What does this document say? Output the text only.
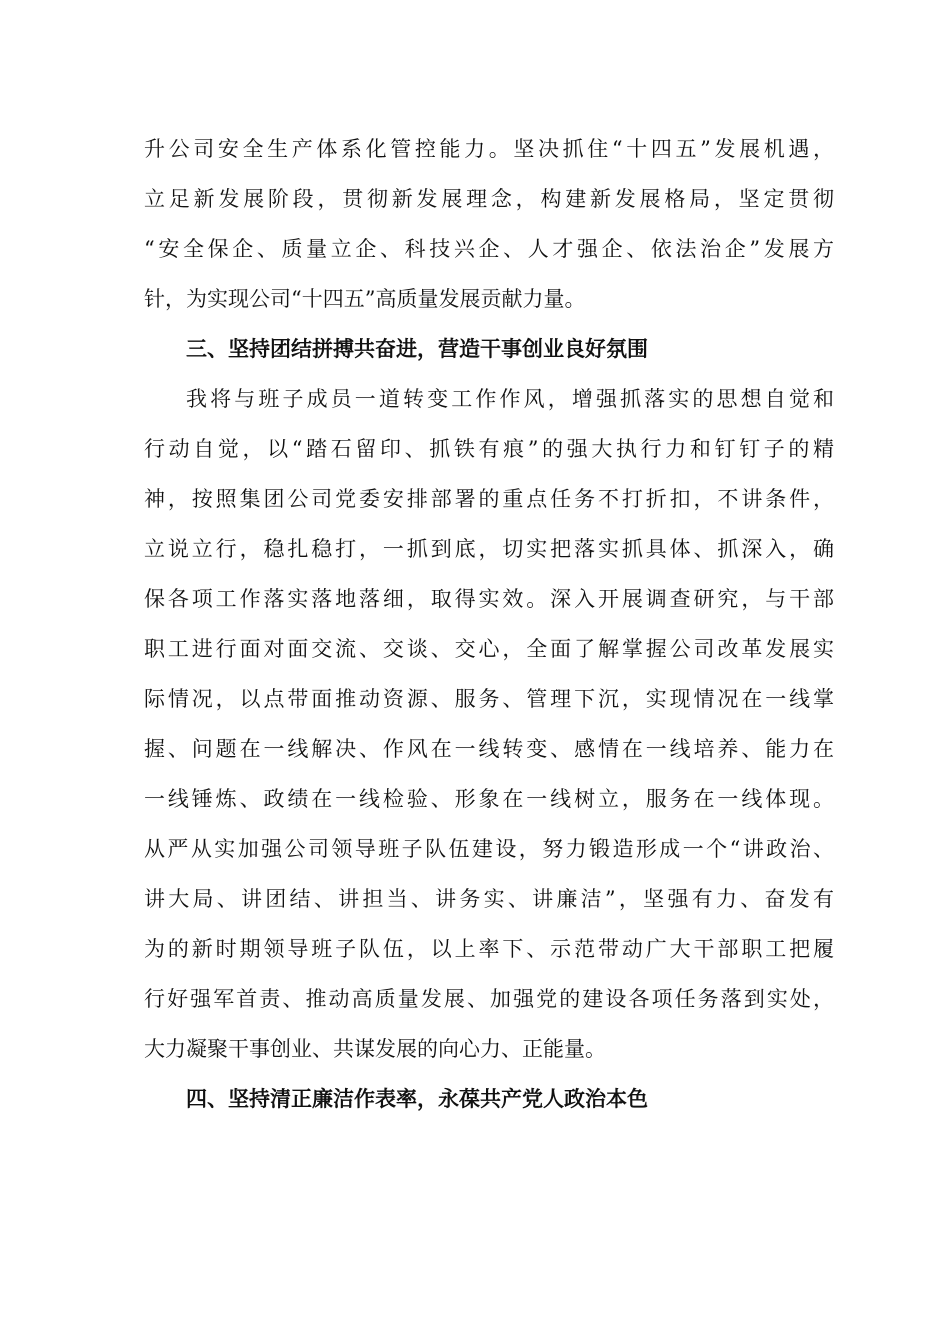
升公司安全生产体系化管控能力。坚决抓住“十四五”发展机遇，
立足新发展阶段，贯彻新发展理念，构建新发展格局，坚定贯彻
“安全保企、质量立企、科技兴企、人才强企、依法治企”发展方
针，为实现公司“十四五”高质量发展贡献力量。
三、坚持团结拼搏共奋进，营造干事创业良好氛围
我将与班子成员一道转变工作作风，增强抓落实的思想自觉和
行动自觉，以“踏石留印、抓铁有痕”的强大执行力和钉钉子的精
神，按照集团公司党委安排部署的重点任务不打折扣，不讲条件，
立说立行，稳扎稳打，一抓到底，切实把落实抓具体、抓深入，确
保各项工作落实落地落细，取得实效。深入开展调查研究，与干部
职工进行面对面交流、交谈、交心，全面了解掌握公司改革发展实
际情况，以点带面推动资源、服务、管理下沉，实现情况在一线掌
握、问题在一线解决、作风在一线转变、感情在一线培养、能力在
一线锤炼、政绩在一线检验、形象在一线树立，服务在一线体现。
从严从实加强公司领导班子队伍建设，努力锻造形成一个“讲政治、
讲大局、讲团结、讲担当、讲务实、讲廉洁”，坚强有力、奋发有
为的新时期领导班子队伍，以上率下、示范带动广大干部职工把履
行好强军首责、推动高质量发展、加强党的建设各项任务落到实处，
大力凝聚干事创业、共谋发展的向心力、正能量。
四、坚持清正廉洁作表率，永葆共产党人政治本色
